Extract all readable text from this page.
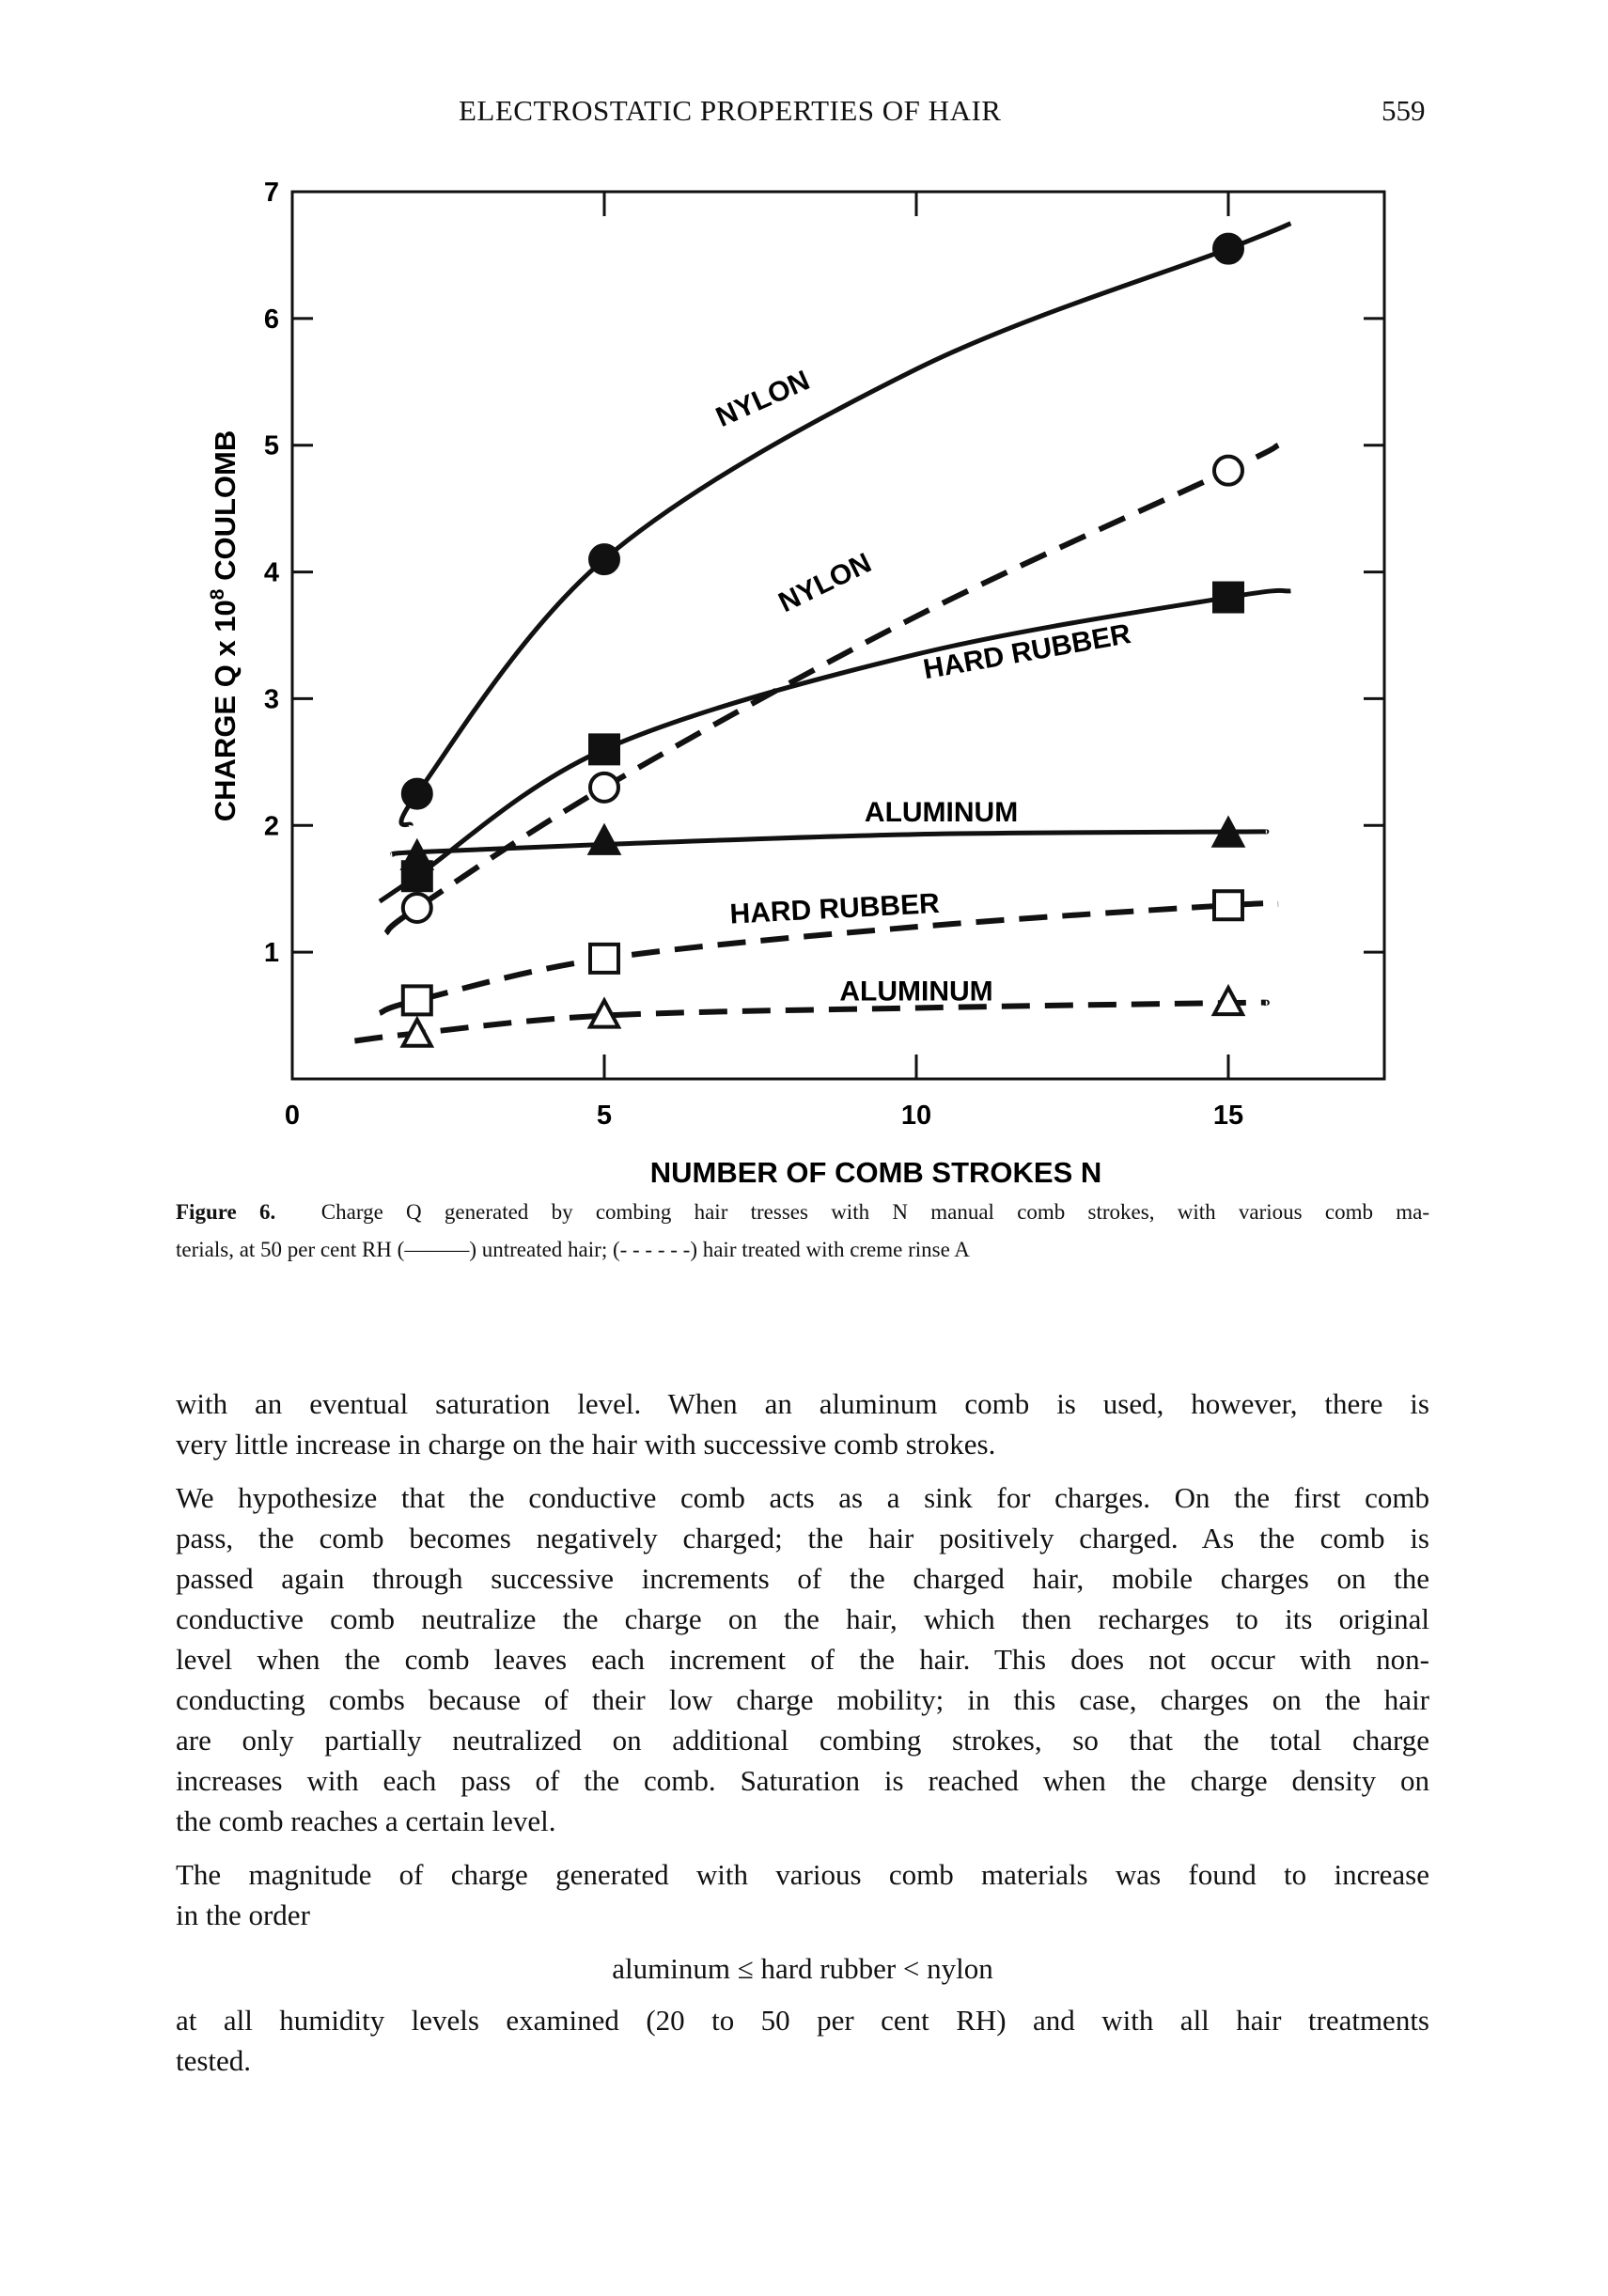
ELECTROSTATIC PROPERTIES OF HAIR	559
1
2
3
4
5
6
7
0	5	10	15
NUMBER OF COMB STROKES N
CHARGE Q x $10^8$ COULOMB
NYLON
NYLON
HARD RUBBER
ALUMINUM
HARD RUBBER
ALUMINUM
Figure 6. Charge Q generated by combing hair tresses with N manual comb strokes, with various comb ma-
terials, at 50 per cent RH (———) untreated hair; (- - - - - -) hair treated with creme rinse A
with an eventual saturation level. When an aluminum comb is used, however, there is
very little increase in charge on the hair with successive comb strokes.
We hypothesize that the conductive comb acts as a sink for charges. On the first comb
pass, the comb becomes negatively charged; the hair positively charged. As the comb is
passed again through successive increments of the charged hair, mobile charges on the
conductive comb neutralize the charge on the hair, which then recharges to its original
level when the comb leaves each increment of the hair. This does not occur with non-
conducting combs because of their low charge mobility; in this case, charges on the hair
are only partially neutralized on additional combing strokes, so that the total charge
increases with each pass of the comb. Saturation is reached when the charge density on
the comb reaches a certain level.
The magnitude of charge generated with various comb materials was found to increase
in the order
aluminum ≤ hard rubber < nylon
at all humidity levels examined (20 to 50 per cent RH) and with all hair treatments
tested.
